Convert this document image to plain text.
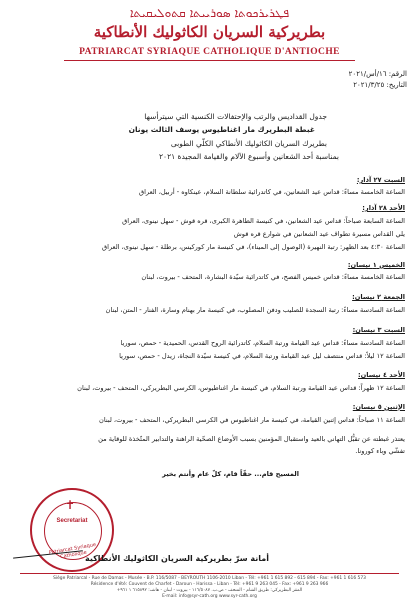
ܦܛܪܝܪܟܘܬܐ ܣܘܪܝܝܬܐ ܩܬܘܠܝܩܝܬܐ
بطريركية السريان الكاثوليك الأنطاكية
PATRIARCAT SYRIAQUE CATHOLIQUE D'ANTIOCHE
الرقم: ١٦/أس/٢٠٢١
التاريخ: ٢٠٢١/٣/٢٥
جدول القداديس والرتب والإحتفالات الكنسية التي سيترأسها
غبطة البطريرك مار اغناطيوس يوسف الثالث يونان
بطريرك السريان الكاثوليك الأنطاكي الكلّي الطوبى
بمناسبة أحد الشعانين وأسبوع الآلام والقيامة المجيدة ٢٠٢١
السبت ٢٧ آذار:
الساعة الخامسة مساءً: قداس عيد الشعانين، في كاتدرائية سلطانة السلام، عينكاوه - أربيل، العراق
الأحد ٢٨ آذار:
الساعة السابعة صباحاً: قداس عيد الشعانين، في كنيسة الطاهرة الكبرى، قره قوش - سهل نينوى، العراق
يلي القداس مسيرة تطواف عيد الشعانين في شوارع قره قوش
الساعة ٤:٣٠ بعد الظهر: رتبة النهيرة (الوصول إلى الميناء)، في كنيسة مار كوركيس، برطلة - سهل نينوى، العراق
الخميس ١ نيسان:
الساعة الخامسة مساءً: قداس خميس الفصح، في كاتدرائية سيّدة البشارة، المتحف - بيروت، لبنان
الجمعة ٢ نيسان:
الساعة السادسة مساءً: رتبة السجدة للصليب ودفن المصلوب، في كنيسة مار بهنام وسارة، الفنار - المتن، لبنان
السبت ٣ نيسان:
الساعة السادسة مساءً: قداس عيد القيامة ورتبة السلام، كاتدرائية الروح القدس، الحميدية - حمص، سوريا
الساعة ١٢ ليلاً: قداس منتصف ليل عيد القيامة ورتبة السلام، في كنيسة سيّدة النجاة، زيدل - حمص، سوريا
الأحد ٤ نيسان:
الساعة ١٢ ظهراً: قداس عيد القيامة ورتبة السلام، في كنيسة مار اغناطيوس، الكرسي البطريركي، المتحف - بيروت، لبنان
الإثنين ٥ نيسان:
الساعة ١١ صباحاً: قداس إثنين القيامة، في كنيسة مار اغناطيوس في الكرسي البطريركي، المتحف - بيروت، لبنان
يعتذر غبطته عن تقبُّل التهاني بالعيد واستقبال المؤمنين بسبب الأوضاع الصحّية الراهنة والتدابير المتّخذة للوقاية من
تفشّي وباء كورونا.
المسيح قام... حقّاً قام، كلّ عام وأنتم بخير
✝
Secretariat
Patriarcat Syriaque Catholique
أمانة سرّ بطريركية السريان الكاثوليك الأنطاكية
Siège Patriarcal - Rue de Damas - Musée - B.P. 116/5087 - BEYROUTH 1106-2010 Liban - Tél: +961 1 615 892 - 615 894 - Fax: +961 1 616 573
Résidence d'été: Couvent de Charfet - Daroun - Harissa - Liban - Tél: +961 9 263 045 - Fax: +961 9 263 966
المقر البطريركي: طريق الشام - المتحف - ص.ب. ١١٦/٥٠٨٧ - بيروت - لبنان - هاتف: ٦١٥٨٩٢ ١ ٩٦١+
E-mail: info@syr-cath.org www.syr-cath.org
